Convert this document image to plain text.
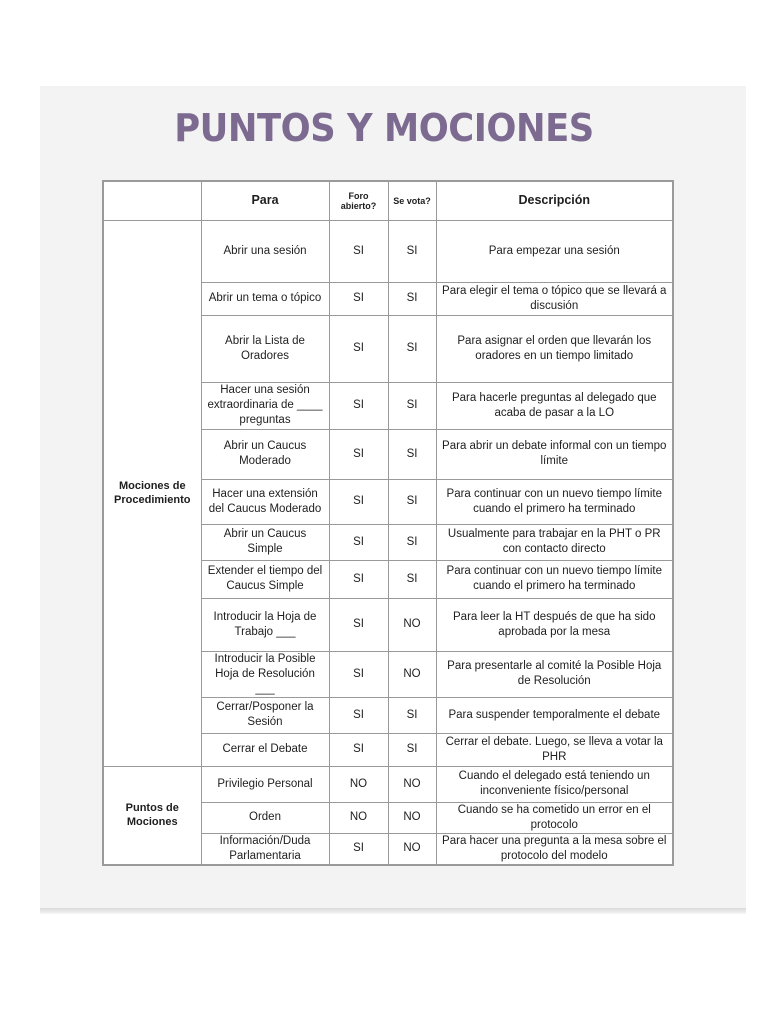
PUNTOS Y MOCIONES
	Para	Foro abierto?	Se vota?	Descripción
Mociones de Procedimiento	Abrir una sesión	SI	SI	Para empezar una sesión
	Abrir un tema o tópico	SI	SI	Para elegir el tema o tópico que se llevará a discusión
	Abrir la Lista de Oradores	SI	SI	Para asignar el orden que llevarán los oradores en un tiempo limitado
	Hacer una sesión extraordinaria de ____ preguntas	SI	SI	Para hacerle preguntas al delegado que acaba de pasar a la LO
	Abrir un Caucus Moderado	SI	SI	Para abrir un debate informal con un tiempo límite
	Hacer una extensión del Caucus Moderado	SI	SI	Para continuar con un nuevo tiempo límite cuando el primero ha terminado
	Abrir un Caucus Simple	SI	SI	Usualmente para trabajar en la PHT o PR con contacto directo
	Extender el tiempo del Caucus Simple	SI	SI	Para continuar con un nuevo tiempo límite cuando el primero ha terminado
	Introducir la Hoja de Trabajo ___	SI	NO	Para leer la HT después de que ha sido aprobada por la mesa
	Introducir la Posible Hoja de Resolución ___	SI	NO	Para presentarle al comité la Posible Hoja de Resolución
	Cerrar/Posponer la Sesión	SI	SI	Para suspender temporalmente el debate
	Cerrar el Debate	SI	SI	Cerrar el debate. Luego, se lleva a votar la PHR
Puntos de Mociones	Privilegio Personal	NO	NO	Cuando el delegado está teniendo un inconveniente físico/personal
	Orden	NO	NO	Cuando se ha cometido un error en el protocolo
	Información/Duda Parlamentaria	SI	NO	Para hacer una pregunta a la mesa sobre el protocolo del modelo
